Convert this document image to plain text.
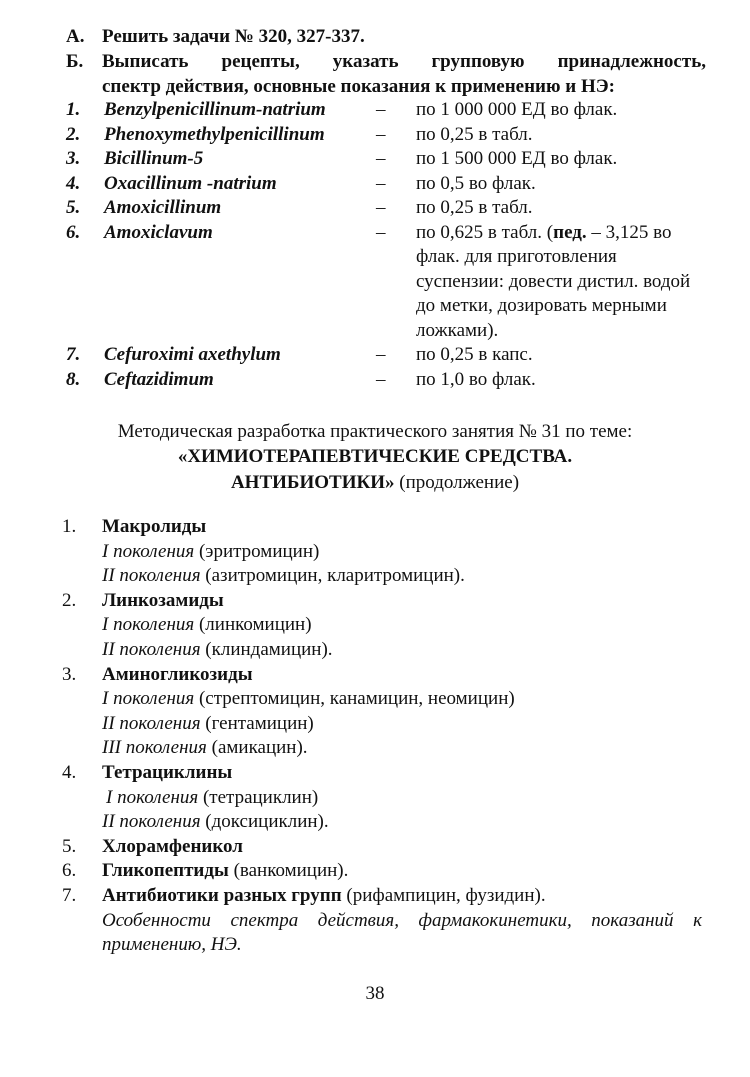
А. Решить задачи № 320, 327-337.
Б. Выписать рецепты, указать групповую принадлежность,
спектр действия, основные показания к применению и НЭ:
1.	Benzylpenicillinum-natrium	–	по 1 000 000 ЕД во флак.
2.	Phenoxymethylpenicillinum	–	по 0,25 в табл.
3.	Bicillinum-5	–	по 1 500 000 ЕД во флак.
4.	Oxacillinum -natrium	–	по 0,5 во флак.
5.	Amoxicillinum	–	по 0,25 в табл.
6.	Amoxiclavum	–	по 0,625 в табл. (пед. – 3,125 во флак. для приготовления суспензии: довести дистил. водой до метки, дозировать мерными ложками).
7.	Cefuroximi axethylum	–	по 0,25 в капс.
8.	Ceftazidimum	–	по 1,0 во флак.
Методическая разработка практического занятия № 31 по теме:
«ХИМИОТЕРАПЕВТИЧЕСКИЕ СРЕДСТВА.
АНТИБИОТИКИ» (продолжение)
1.	Макролиды
I поколения (эритромицин)
II поколения (азитромицин, кларитромицин).
2.	Линкозамиды
I поколения (линкомицин)
II поколения (клиндамицин).
3.	Аминогликозиды
I поколения (стрептомицин, канамицин, неомицин)
II поколения (гентамицин)
III поколения (амикацин).
4.	Тетрациклины
I поколения (тетрациклин)
II поколения (доксициклин).
5.	Хлорамфеникол
6.	Гликопептиды (ванкомицин).
7.	Антибиотики разных групп (рифампицин, фузидин).
Особенности спектра действия, фармакокинетики, показаний к применению, НЭ.
38
